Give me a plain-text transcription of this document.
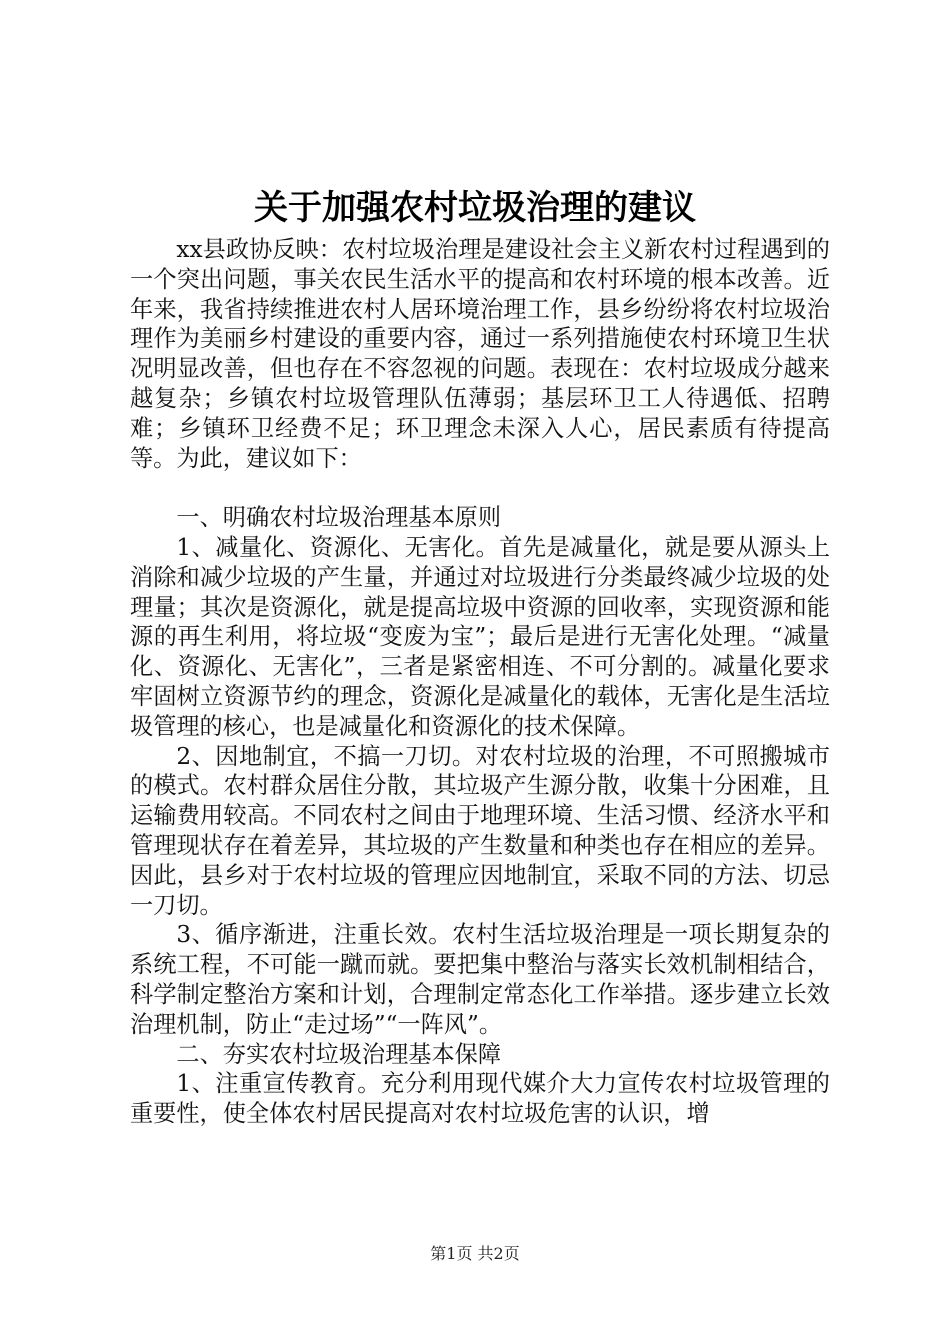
关于加强农村垃圾治理的建议

xx县政协反映：农村垃圾治理是建设社会主义新农村过程遇到的一个突出问题，事关农民生活水平的提高和农村环境的根本改善。近年来，我省持续推进农村人居环境治理工作，县乡纷纷将农村垃圾治理作为美丽乡村建设的重要内容，通过一系列措施使农村环境卫生状况明显改善，但也存在不容忽视的问题。表现在：农村垃圾成分越来越复杂；乡镇农村垃圾管理队伍薄弱；基层环卫工人待遇低、招聘难；乡镇环卫经费不足；环卫理念未深入人心，居民素质有待提高等。为此，建议如下：

一、明确农村垃圾治理基本原则

1、减量化、资源化、无害化。首先是减量化，就是要从源头上消除和减少垃圾的产生量，并通过对垃圾进行分类最终减少垃圾的处理量；其次是资源化，就是提高垃圾中资源的回收率，实现资源和能源的再生利用，将垃圾“变废为宝”；最后是进行无害化处理。“减量化、资源化、无害化”，三者是紧密相连、不可分割的。减量化要求牢固树立资源节约的理念，资源化是减量化的载体，无害化是生活垃圾管理的核心，也是减量化和资源化的技术保障。

2、因地制宜，不搞一刀切。对农村垃圾的治理，不可照搬城市的模式。农村群众居住分散，其垃圾产生源分散，收集十分困难，且运输费用较高。不同农村之间由于地理环境、生活习惯、经济水平和管理现状存在着差异，其垃圾的产生数量和种类也存在相应的差异。因此，县乡对于农村垃圾的管理应因地制宜，采取不同的方法、切忌一刀切。

3、循序渐进，注重长效。农村生活垃圾治理是一项长期复杂的系统工程，不可能一蹴而就。要把集中整治与落实长效机制相结合，科学制定整治方案和计划，合理制定常态化工作举措。逐步建立长效治理机制，防止“走过场”“一阵风”。

二、夯实农村垃圾治理基本保障

1、注重宣传教育。充分利用现代媒介大力宣传农村垃圾管理的重要性，使全体农村居民提高对农村垃圾危害的认识，增

第1页 共2页
